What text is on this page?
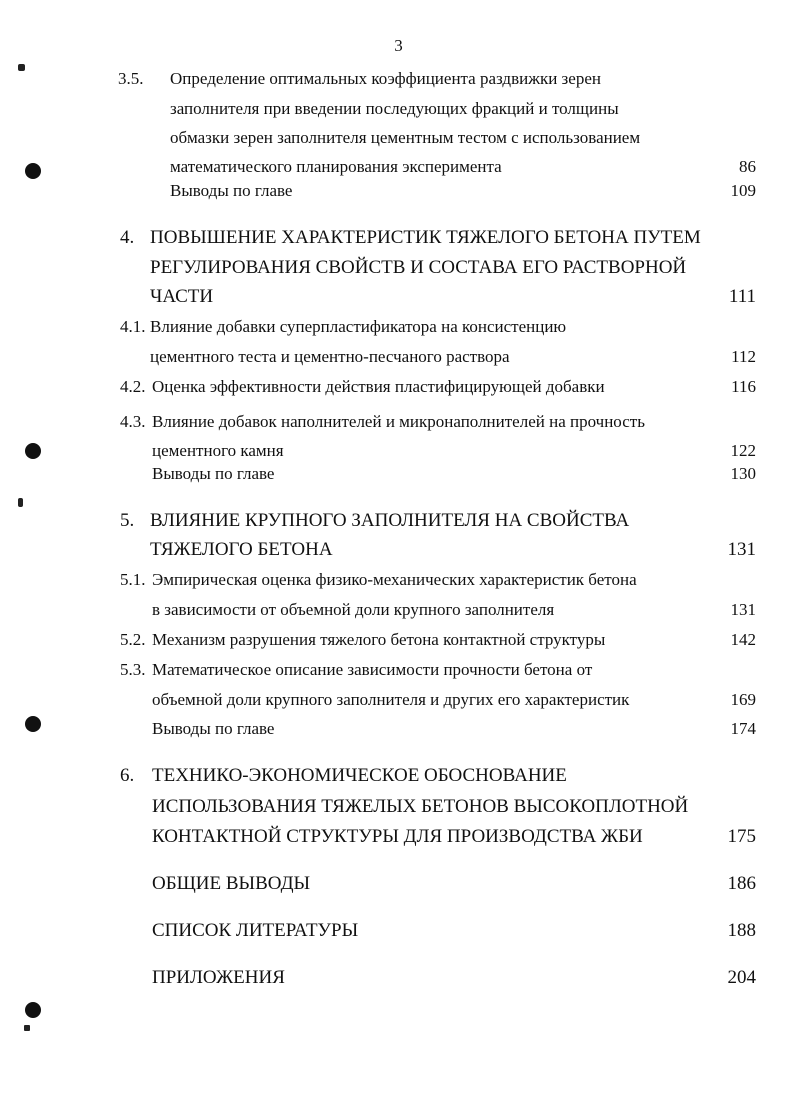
3
3.5. Определение оптимальных коэффициента раздвижки зерен
заполнителя при введении последующих фракций и толщины
обмазки зерен заполнителя цементным тестом с использованием
математического планирования эксперимента	86
Выводы по главе	109
4. ПОВЫШЕНИЕ ХАРАКТЕРИСТИК ТЯЖЕЛОГО БЕТОНА ПУТЕМ
РЕГУЛИРОВАНИЯ СВОЙСТВ И СОСТАВА ЕГО РАСТВОРНОЙ
ЧАСТИ	111
4.1. Влияние добавки суперпластификатора на консистенцию
цементного теста и цементно-песчаного раствора	112
4.2. Оценка эффективности действия пластифицирующей добавки	116
4.3. Влияние добавок наполнителей и микронаполнителей на прочность
цементного камня	122
Выводы по главе	130
5. ВЛИЯНИЕ КРУПНОГО ЗАПОЛНИТЕЛЯ НА СВОЙСТВА
ТЯЖЕЛОГО БЕТОНА	131
5.1. Эмпирическая оценка физико-механических характеристик бетона
в зависимости от объемной доли крупного заполнителя	131
5.2. Механизм разрушения тяжелого бетона контактной структуры	142
5.3. Математическое описание зависимости прочности бетона от
объемной доли крупного заполнителя и других его характеристик	169
Выводы по главе	174
6. ТЕХНИКО-ЭКОНОМИЧЕСКОЕ ОБОСНОВАНИЕ
ИСПОЛЬЗОВАНИЯ ТЯЖЕЛЫХ БЕТОНОВ ВЫСОКОПЛОТНОЙ
КОНТАКТНОЙ СТРУКТУРЫ ДЛЯ ПРОИЗВОДСТВА ЖБИ	175
ОБЩИЕ ВЫВОДЫ	186
СПИСОК ЛИТЕРАТУРЫ	188
ПРИЛОЖЕНИЯ	204
